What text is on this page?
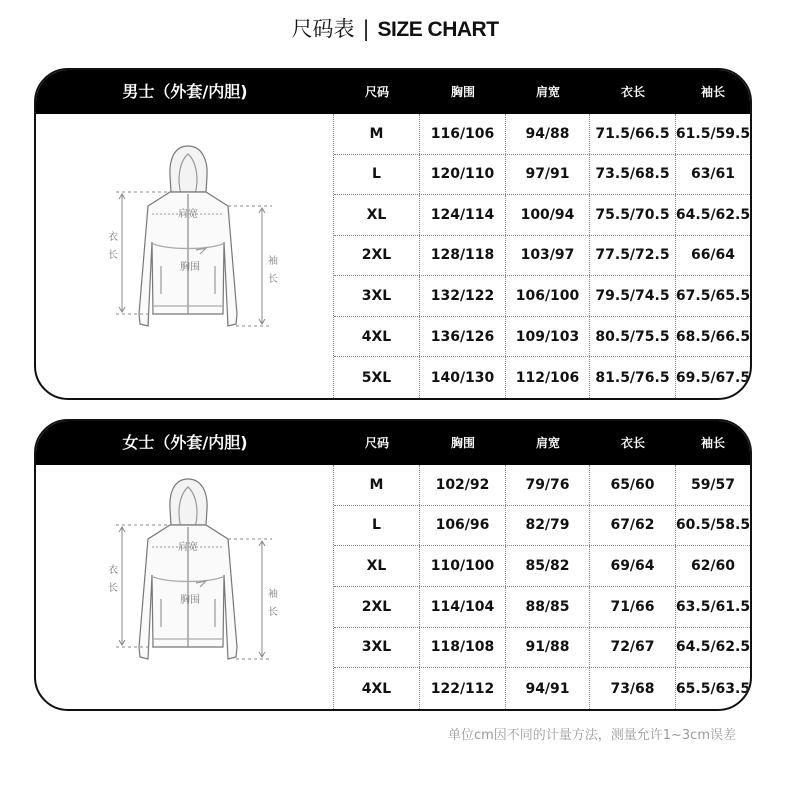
尺码表 | SIZE CHART
男士（外套/内胆)	尺码	胸围	肩宽	衣长	袖长
衣
长
袖
长
肩宽
胸围
M	116/106	94/88	71.5/66.5 61.5/59.5
L	120/110	97/91	73.5/68.5	63/61
XL	124/114	100/94	75.5/70.5 64.5/62.5
2XL	128/118	103/97	77.5/72.5	66/64
3XL	132/122	106/100	79.5/74.5 67.5/65.5
4XL	136/126	109/103	80.5/75.5 68.5/66.5
5XL	140/130	112/106	81.5/76.5 69.5/67.5
女士（外套/内胆)	尺码	胸围	肩宽	衣长	袖长
衣
长
袖
长
肩宽
胸围
M	102/92	79/76	65/60	59/57
L	106/96	82/79	67/62	60.5/58.5
XL	110/100	85/82	69/64	62/60
2XL	114/104	88/85	71/66	63.5/61.5
3XL	118/108	91/88	72/67	64.5/62.5
4XL	122/112	94/91	73/68	65.5/63.5
单位cm因不同的计量方法，测量允许1~3cm误差
